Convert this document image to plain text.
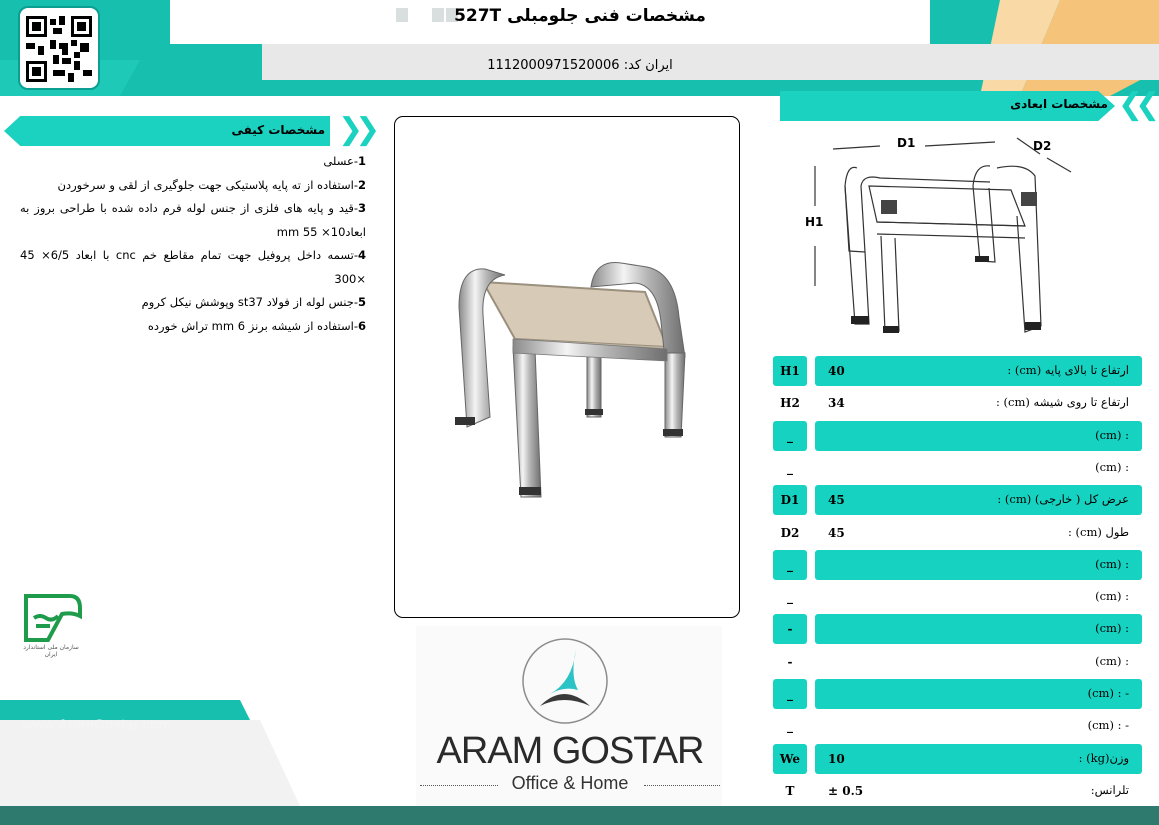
مشخصات فنی جلومبلی 527T
ایران کد: 1112000971520006
❯❯
مشخصات کیفی
1-عسلی
2-استفاده از ته پایه پلاستیکی جهت جلوگیری از لقی و سرخوردن
3-قید و پایه های فلزی از جنس لوله فرم داده شده با طراحی بروز به ابعاد10× 55 mm
4-تسمه داخل پروفیل جهت تمام مقاطع خم cnc با ابعاد 6/5× 45 ×300
5-جنس لوله از فولاد st37 وپوشش نیکل کروم
6-استفاده از شیشه برنز 6 mm تراش خورده
❮❮
مشخصات ابعادی
D1	D2
H1
H1	40	ارتفاع تا بالای پایه (cm) :
H2	34	ارتفاع تا روی شیشه (cm) :
_	: (cm)
_	: (cm)
D1	45	عرض کل ( خارجی) (cm) :
D2	45	طول (cm) :
_	: (cm)
_	: (cm)
-	: (cm)
-	: (cm)
_	- : (cm)
_	- : (cm)
We	10	وزن(kg) :
T	± 0.5	تلرانس:
سازمان ملی استاندارد ایران
www.AramGostar.com
ARAM GOSTAR
Office & Home
